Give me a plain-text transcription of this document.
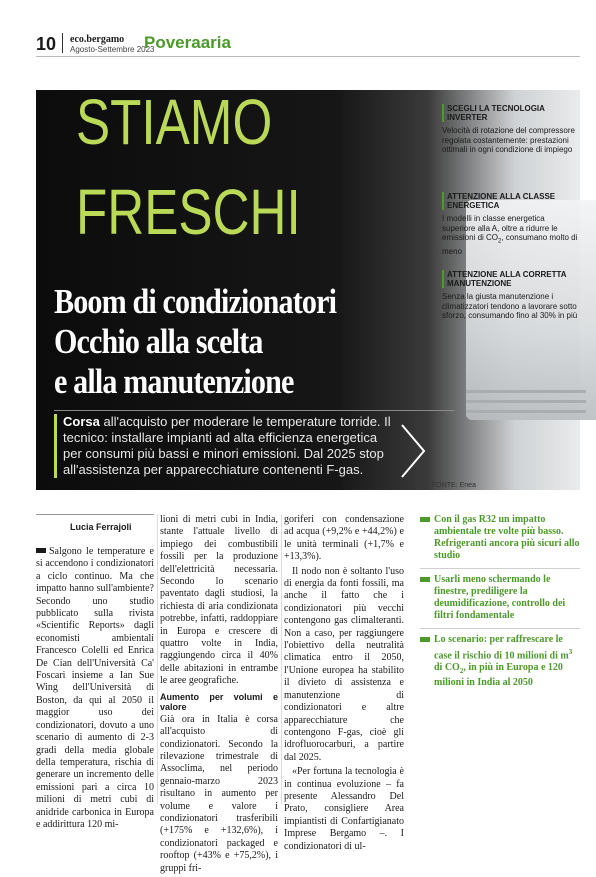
10 eco.bergamo
Agosto-Settembre 2023
Poveraaria
STIAMO
FRESCHI
Boom di condizionatori
Occhio alla scelta
e alla manutenzione
Corsa all'acquisto per moderare le temperature torride. Il tecnico: installare impianti ad alta efficienza energetica per consumi più bassi e minori emissioni. Dal 2025 stop all'assistenza per apparecchiature contenenti F-gas.
FONTE: Enea
SCEGLI LA TECNOLOGIA INVERTER
Velocità di rotazione del compressore regolata costantemente: prestazioni ottimali in ogni condizione di impiego
ATTENZIONE ALLA CLASSE ENERGETICA
I modelli in classe energetica superiore alla A, oltre a ridurre le emissioni di $CO_2$, consumano molto di meno
ATTENZIONE ALLA CORRETTA MANUTENZIONE
Senza la giusta manutenzione i climatizzatori tendono a lavorare sotto sforzo, consumando fino al 30% in più
Lucia Ferrajoli

Salgono le temperature e si accendono i condizionatori a ciclo continuo. Ma che impatto hanno sull'ambiente? Secondo uno studio pubblicato sulla rivista «Scientific Reports» dagli economisti ambientali Francesco Colelli ed Enrica De Cian dell'Università Ca' Foscari insieme a Ian Sue Wing dell'Università di Boston, da qui al 2050 il maggior uso dei condizionatori, dovuto a uno scenario di aumento di 2-3 gradi della media globale della temperatura, rischia di generare un incremento delle emissioni pari a circa 10 milioni di metri cubi di anidride carbonica in Europa e addirittura 120 mi-

lioni di metri cubi in India, stante l'attuale livello di impiego dei combustibili fossili per la produzione dell'elettricità necessaria. Secondo lo scenario paventato dagli studiosi, la richiesta di aria condizionata potrebbe, infatti, raddoppiare in Europa e crescere di quattro volte in India, raggiungendo circa il 40% delle abitazioni in entrambe le aree geografiche.

Aumento per volumi e valore

Già ora in Italia è corsa all'acquisto di condizionatori. Secondo la rilevazione trimestrale di Assoclima, nel periodo gennaio-marzo 2023 risultano in aumento per volume e valore i condizionatori trasferibili (+175% e +132,6%), i condizionatori packaged e rooftop (+43% e +75,2%), i gruppi fri-

goriferi con condensazione ad acqua (+9,2% e +44,2%) e le unità terminali (+1,7% e +13,3%).

Il nodo non è soltanto l'uso di energia da fonti fossili, ma anche il fatto che i condizionatori più vecchi contengono gas climalteranti. Non a caso, per raggiungere l'obiettivo della neutralità climatica entro il 2050, l'Unione europea ha stabilito il divieto di assistenza e manutenzione di condizionatori e altre apparecchiature che contengono F-gas, cioè gli idrofluorocarburi, a partire dal 2025.

«Per fortuna la tecnologia è in continua evoluzione – fa presente Alessandro Del Prato, consigliere Area impiantisti di Confartigianato Imprese Bergamo –. I condizionatori di ul-

Con il gas R32 un impatto ambientale tre volte più basso. Refrigeranti ancora più sicuri allo studio
Usarli meno schermando le finestre, prediligere la deumidificazione, controllo dei filtri fondamentale
Lo scenario: per raffrescare le case il rischio di 10 milioni di $m^3$ di $CO_2$, in più in Europa e 120 milioni in India al 2050
